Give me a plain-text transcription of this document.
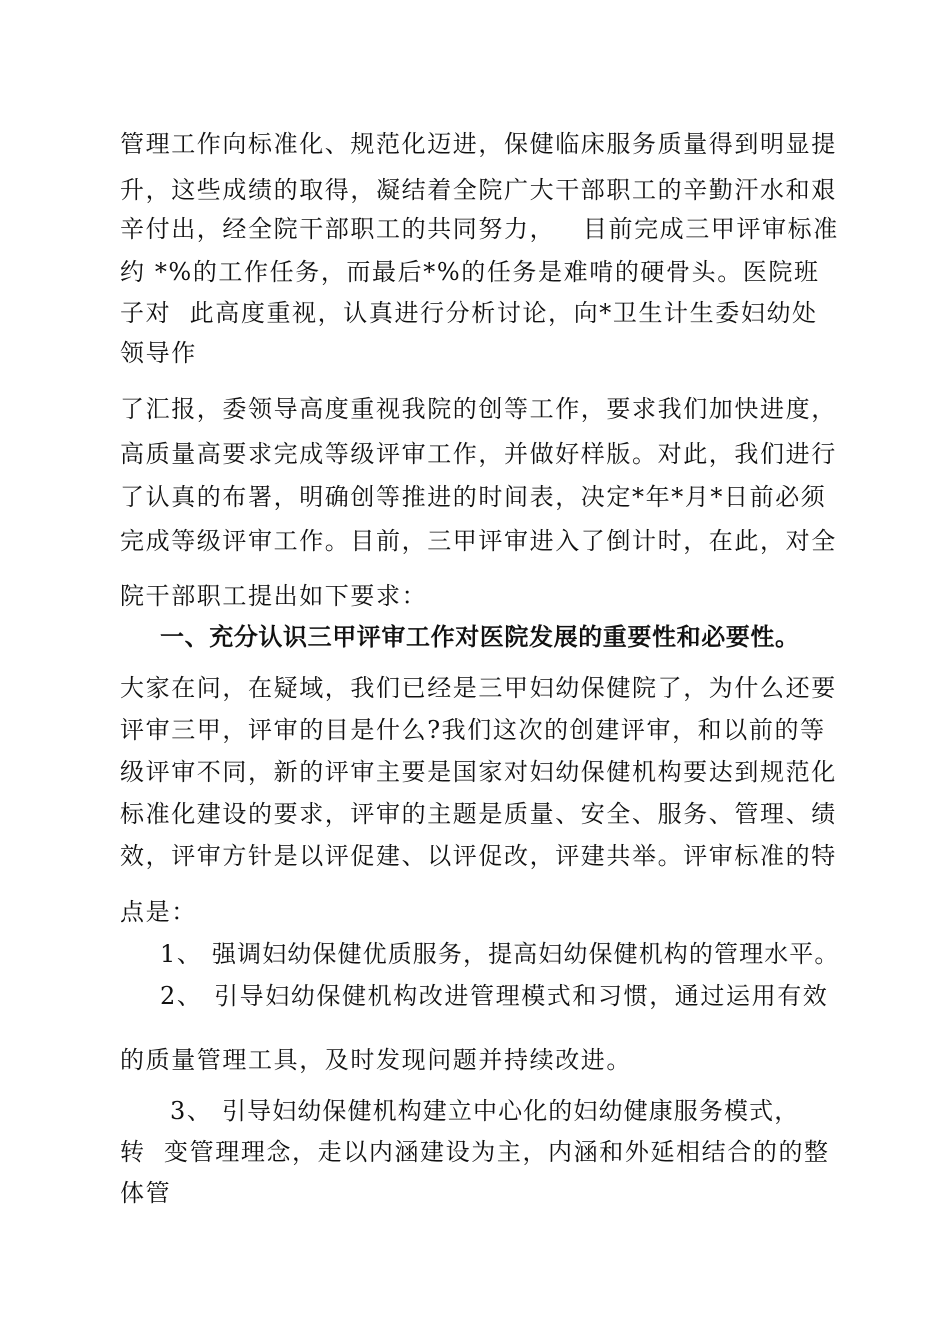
管理工作向标准化、规范化迈进，保健临床服务质量得到明显提
升，这些成绩的取得，凝结着全院广大干部职工的辛勤汗水和艰
辛付出，经全院干部职工的共同努力，   目前完成三甲评审标准
约 *%的工作任务，而最后*%的任务是难啃的硬骨头。医院班
子对  此高度重视，认真进行分析讨论，向*卫生计生委妇幼处
领导作
了汇报，委领导高度重视我院的创等工作，要求我们加快进度，
高质量高要求完成等级评审工作，并做好样版。对此，我们进行
了认真的布署，明确创等推进的时间表，决定*年*月*日前必须
完成等级评审工作。目前，三甲评审进入了倒计时，在此，对全
院干部职工提出如下要求：
一、充分认识三甲评审工作对医院发展的重要性和必要性。
大家在问，在疑域，我们已经是三甲妇幼保健院了，为什么还要
评审三甲，评审的目是什么?我们这次的创建评审，和以前的等
级评审不同，新的评审主要是国家对妇幼保健机构要达到规范化
标准化建设的要求，评审的主题是质量、安全、服务、管理、绩
效，评审方针是以评促建、以评促改，评建共举。评审标准的特
点是：
1、 强调妇幼保健优质服务，提高妇幼保健机构的管理水平。
2、 引导妇幼保健机构改进管理模式和习惯，通过运用有效
的质量管理工具，及时发现问题并持续改进。
3、 引导妇幼保健机构建立中心化的妇幼健康服务模式，
转  变管理理念，走以内涵建设为主，内涵和外延相结合的的整
体管
